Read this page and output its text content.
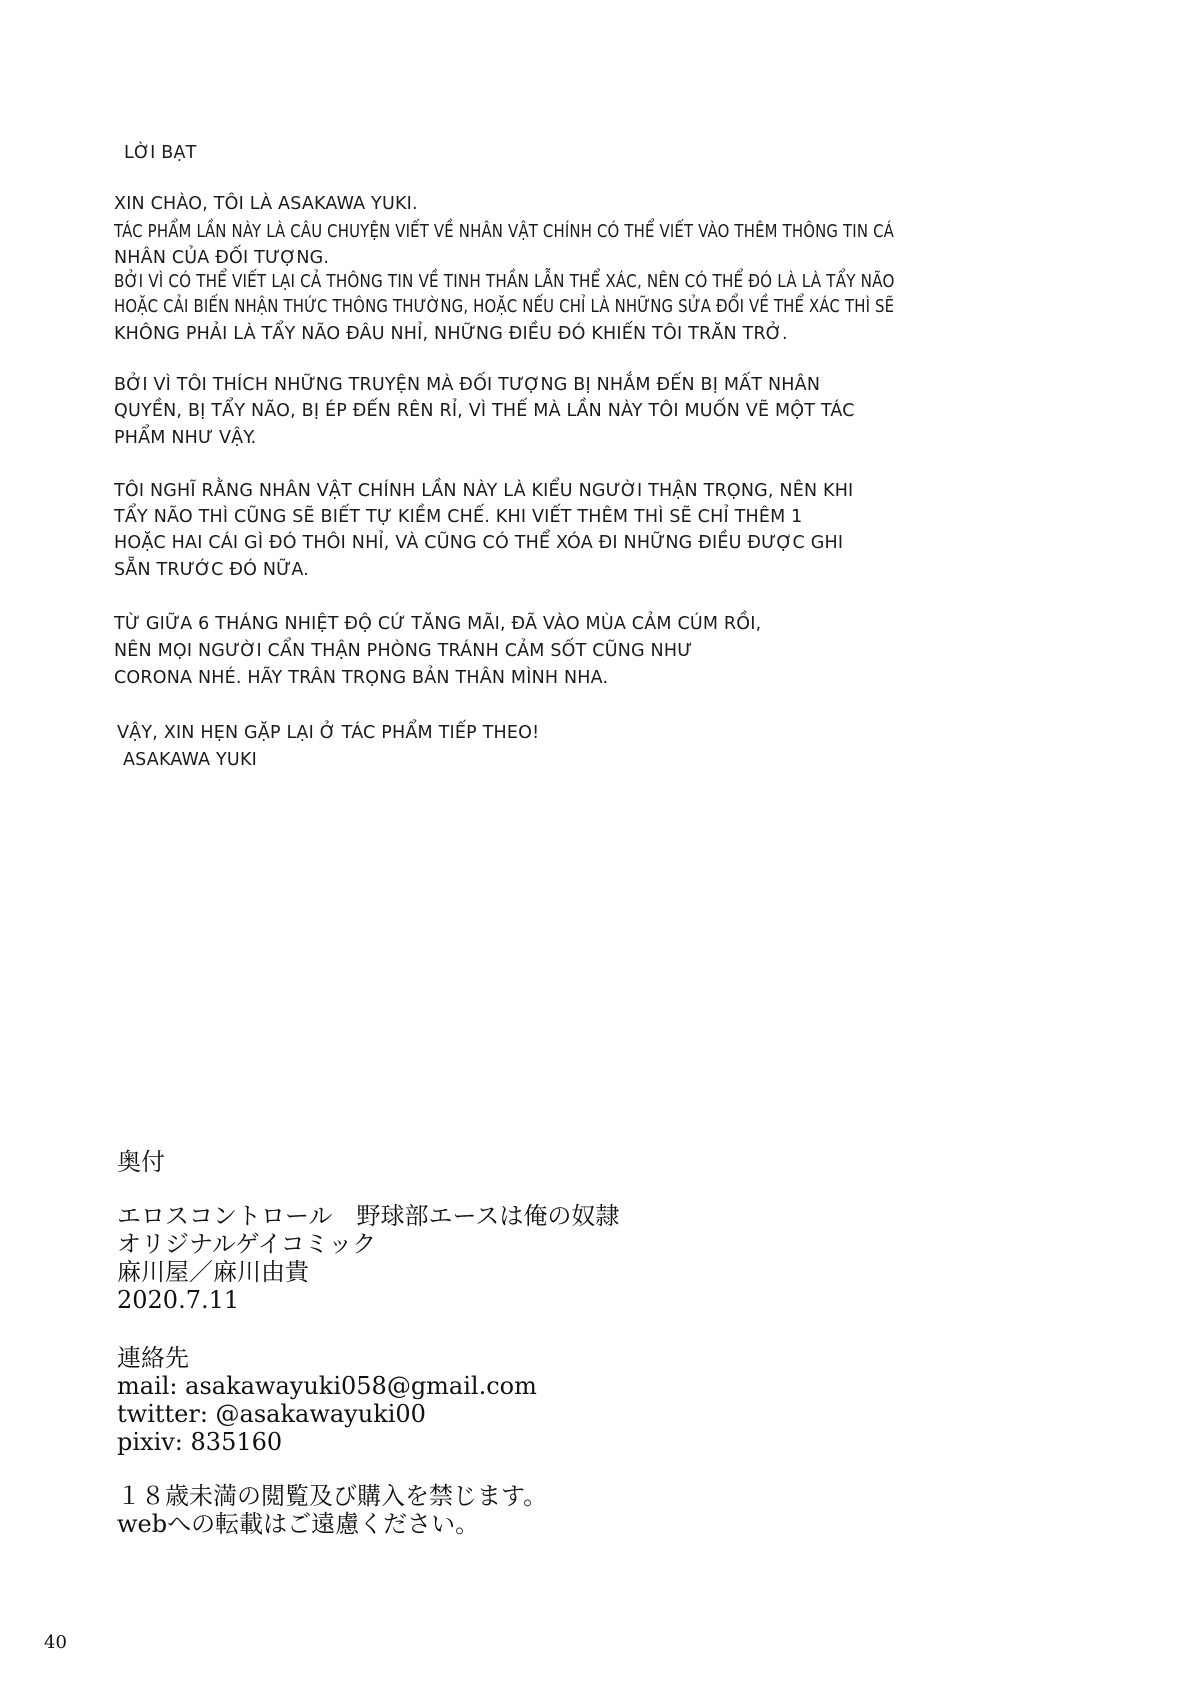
LỜI BẠT
XIN CHÀO, TÔI LÀ ASAKAWA YUKI.
TÁC PHẨM LẦN NÀY LÀ CÂU CHUYỆN VIẾT VỀ NHÂN VẬT CHÍNH CÓ THỂ VIẾT VÀO THÊM THÔNG TIN CÁ
NHÂN CỦA ĐỐI TƯỢNG.
BỞI VÌ CÓ THỂ VIẾT LẠI CẢ THÔNG TIN VỀ TINH THẦN LẪN THỂ XÁC, NÊN CÓ THỂ ĐÓ LÀ LÀ TẨY NÃO
HOẶC CẢI BIẾN NHẬN THỨC THÔNG THƯỜNG, HOẶC NẾU CHỈ LÀ NHỮNG SỬA ĐỔI VỀ THỂ XÁC THÌ SẼ
KHÔNG PHẢI LÀ TẨY NÃO ĐÂU NHỈ, NHỮNG ĐIỀU ĐÓ KHIẾN TÔI TRĂN TRỞ.
BỞI VÌ TÔI THÍCH NHỮNG TRUYỆN MÀ ĐỐI TƯỢNG BỊ NHẮM ĐẾN BỊ MẤT NHÂN
QUYỀN, BỊ TẨY NÃO, BỊ ÉP ĐẾN RÊN RỈ, VÌ THẾ MÀ LẦN NÀY TÔI MUỐN VẼ MỘT TÁC
PHẨM NHƯ VẬY.
TÔI NGHĨ RẰNG NHÂN VẬT CHÍNH LẦN NÀY LÀ KIỂU NGƯỜI THẬN TRỌNG, NÊN KHI
TẨY NÃO THÌ CŨNG SẼ BIẾT TỰ KIỀM CHẾ. KHI VIẾT THÊM THÌ SẼ CHỈ THÊM 1
HOẶC HAI CÁI GÌ ĐÓ THÔI NHỈ, VÀ CŨNG CÓ THỂ XÓA ĐI NHỮNG ĐIỀU ĐƯỢC GHI
SẴN TRƯỚC ĐÓ NỮA.
TỪ GIỮA 6 THÁNG NHIỆT ĐỘ CỨ TĂNG MÃI, ĐÃ VÀO MÙA CẢM CÚM RỒI,
NÊN MỌI NGƯỜI CẨN THẬN PHÒNG TRÁNH CẢM SỐT CŨNG NHƯ
CORONA NHÉ. HÃY TRÂN TRỌNG BẢN THÂN MÌNH NHA.
VẬY, XIN HẸN GẶP LẠI Ở TÁC PHẨM TIẾP THEO!
ASAKAWA YUKI
奥付
エロスコントロール　野球部エースは俺の奴隷
オリジナルゲイコミック
麻川屋／麻川由貴
2020.7.11
連絡先
mail: asakawayuki058@gmail.com
twitter: @asakawayuki00
pixiv: 835160
１８歳未満の閲覧及び購入を禁じます。
webへの転載はご遠慮ください。
40
